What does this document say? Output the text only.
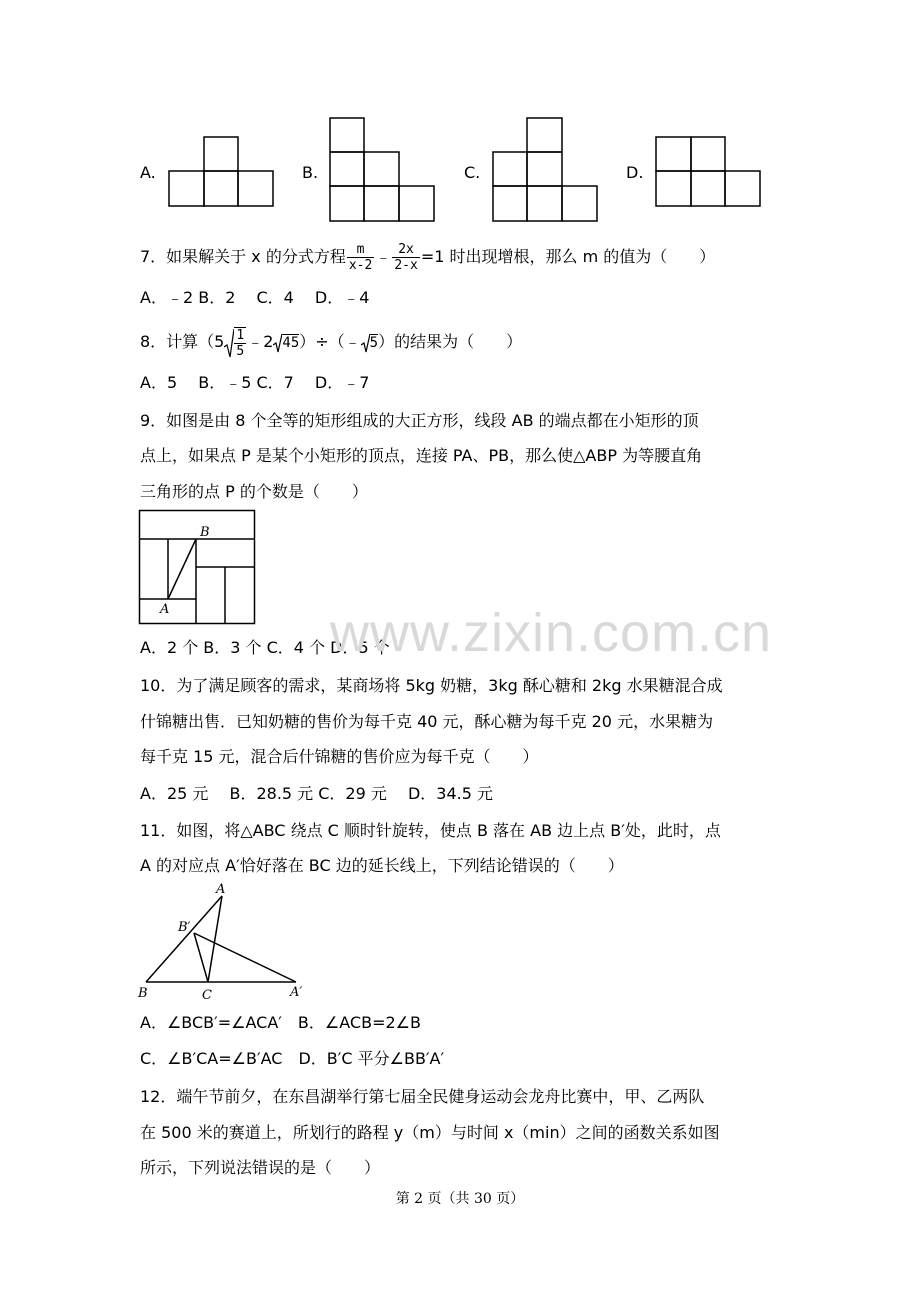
A.	B.	C.	D.
7．如果解关于 x 的分式方程 $\frac{m}{x-2}$ ﹣ $\frac{2x}{2-x} =1$ 时出现增根，那么 m 的值为（　　）
A．﹣2 B．2　 C．4　 D．﹣4
8．计算（$5 \frac{1}{5}$ ﹣2 45）÷（﹣ 5）的结果为（　　）
A．5　 B．﹣5 C．7　 D．﹣7
9．如图是由 8 个全等的矩形组成的大正方形，线段 AB 的端点都在小矩形的顶
点上，如果点 P 是某个小矩形的顶点，连接 PA、PB，那么使△ABP 为等腰直角
三角形的点 P 的个数是（　　）
B
A
A．2 个 B．3 个 C．4 个 D．5 个
10．为了满足顾客的需求，某商场将 5kg 奶糖，3kg 酥心糖和 2kg 水果糖混合成
什锦糖出售．已知奶糖的售价为每千克 40 元，酥心糖为每千克 20 元，水果糖为
每千克 15 元，混合后什锦糖的售价应为每千克（　　）
A．25 元　 B．28.5 元 C．29 元　 D．34.5 元
11．如图，将△ABC 绕点 C 顺时针旋转，使点 B 落在 AB 边上点 B′处，此时，点
A 的对应点 A′恰好落在 BC 边的延长线上，下列结论错误的（　　）
A
B′
B	C	A′
A．∠BCB′=∠ACA′　B．∠ACB=2∠B
C．∠B′CA=∠B′AC　D．B′C 平分∠BB′A′
12．端午节前夕，在东昌湖举行第七届全民健身运动会龙舟比赛中，甲、乙两队
在 500 米的赛道上，所划行的路程 y（m）与时间 x（min）之间的函数关系如图
所示，下列说法错误的是（　　）
www.zixin.com.cn
第 2 页（共 30 页）
